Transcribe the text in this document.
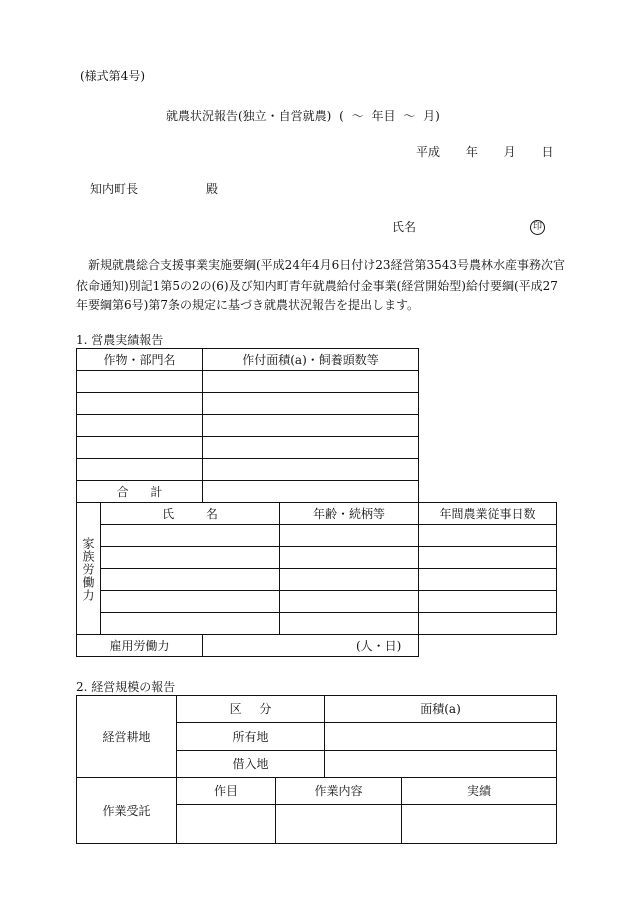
(様式第4号)
就農状況報告(独立・自営就農) ( ～ 年目 ～ 月)
平成 年 月 日
知内町長	殿
氏名	印
新規就農総合支援事業実施要綱(平成24年4月6日付け23経営第3543号農林水産事務次官
依命通知)別記1第5の2の(6)及び知内町青年就農給付金事業(経営開始型)給付要綱(平成27
年要綱第6号)第7条の規定に基づき就農状況報告を提出します。
1. 営農実績報告
作物・部門名	作付面積(a)・飼養頭数等
合 計
家族労働力
氏 名	年齢・続柄等	年間農業従事日数
雇用労働力	(人・日)
2. 経営規模の報告
経営耕地
区 分	面積(a)
所有地
借入地
作業受託
作目	作業内容	実績
